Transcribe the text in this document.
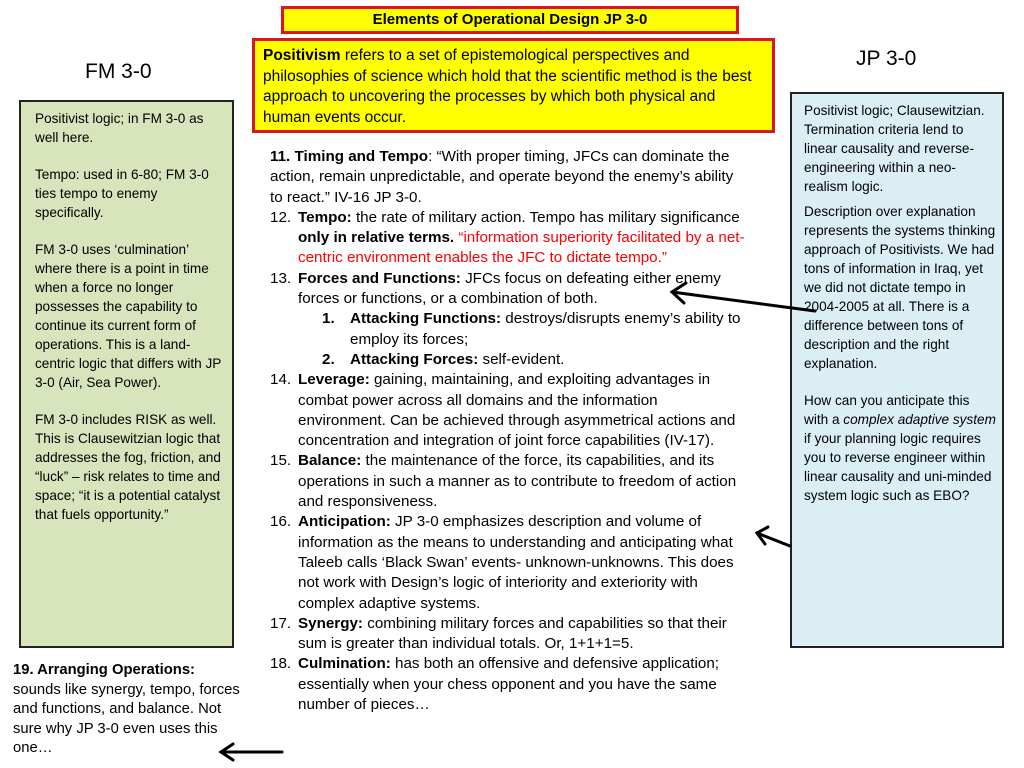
Elements of Operational Design JP 3-0
Positivism refers to a set of epistemological perspectives and philosophies of science which hold that the scientific method is the best approach to uncovering the processes by which both physical and human events occur.
FM 3-0
JP 3-0

Positivist logic; in FM 3-0 as well here.

Tempo: used in 6-80; FM 3-0 ties tempo to enemy specifically.

FM 3-0 uses ‘culmination’ where there is a point in time when a force no longer possesses the capability to continue its current form of operations. This is a land-centric logic that differs with JP 3-0 (Air, Sea Power).

FM 3-0 includes RISK as well. This is Clausewitzian logic that addresses the fog, friction, and “luck” – risk relates to time and space; “it is a potential catalyst that fuels opportunity.”

Positivist logic; Clausewitzian. Termination criteria lend to linear causality and reverse-engineering within a neo-realism logic.

Description over explanation represents the systems thinking approach of Positivists. We had tons of information in Iraq, yet we did not dictate tempo in 2004-2005 at all. There is a difference between tons of description and the right explanation.

How can you anticipate this with a complex adaptive system if your planning logic requires you to reverse engineer within linear causality and uni-minded system logic such as EBO?

19. Arranging Operations: sounds like synergy, tempo, forces and functions, and balance. Not sure why JP 3-0 even uses this one…
11. Timing and Tempo: “With proper timing, JFCs can dominate the action, remain unpredictable, and operate beyond the enemy’s ability to react.” IV-16 JP 3-0.
12. Tempo: the rate of military action. Tempo has military significance only in relative terms. “information superiority facilitated by a net-centric environment enables the JFC to dictate tempo.”
13. Forces and Functions: JFCs focus on defeating either enemy forces or functions, or a combination of both.
1. Attacking Functions: destroys/disrupts enemy’s ability to employ its forces;
2. Attacking Forces: self-evident.
14. Leverage: gaining, maintaining, and exploiting advantages in combat power across all domains and the information environment. Can be achieved through asymmetrical actions and concentration and integration of joint force capabilities (IV-17).
15. Balance: the maintenance of the force, its capabilities, and its operations in such a manner as to contribute to freedom of action and responsiveness.
16. Anticipation: JP 3-0 emphasizes description and volume of information as the means to understanding and anticipating what Taleeb calls ‘Black Swan’ events- unknown-unknowns. This does not work with Design’s logic of interiority and exteriority with complex adaptive systems.
17. Synergy: combining military forces and capabilities so that their sum is greater than individual totals. Or, 1+1+1=5.
18. Culmination: has both an offensive and defensive application; essentially when your chess opponent and you have the same number of pieces…
